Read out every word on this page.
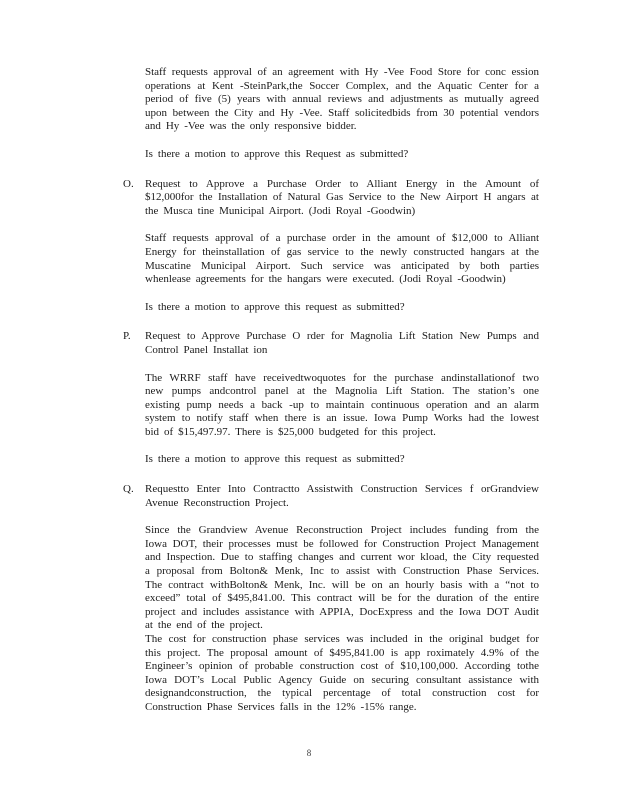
Staff requests approval of an agreement with Hy -Vee Food Store for conc ession operations at Kent -SteinPark,the Soccer Complex, and the Aquatic Center for a period of five (5) years with annual reviews and adjustments as mutually agreed upon between the City and Hy -Vee. Staff solicitedbids from 30 potential vendors and Hy -Vee was the only responsive bidder.

Is there a motion to approve this Request as submitted?

O. Request to Approve a Purchase Order to Alliant Energy in the Amount of $12,000for the Installation of Natural Gas Service to the New Airport H angars at the Musca tine Municipal Airport. (Jodi Royal -Goodwin)

Staff requests approval of a purchase order in the amount of $12,000 to Alliant Energy for theinstallation of gas service to the newly constructed hangars at the Muscatine Municipal Airport. Such service was anticipated by both parties whenlease agreements for the hangars were executed. (Jodi Royal -Goodwin)

Is there a motion to approve this request as submitted?

P. Request to Approve Purchase O rder for Magnolia Lift Station New Pumps and Control Panel Installat ion

The WRRF staff have receivedtwoquotes for the purchase andinstallationof two new pumps andcontrol panel at the Magnolia Lift Station. The station’s one existing pump needs a back -up to maintain continuous operation and an alarm system to notify staff when there is an issue. Iowa Pump Works had the lowest bid of $15,497.97. There is $25,000 budgeted for this project.

Is there a motion to approve this request as submitted?

Q. Requestto Enter Into Contractto Assistwith Construction Services f orGrandview Avenue Reconstruction Project.

Since the Grandview Avenue Reconstruction Project includes funding from the Iowa DOT, their processes must be followed for Construction Project Management and Inspection. Due to staffing changes and current wor kload, the City requested a proposal from Bolton& Menk, Inc to assist with Construction Phase Services. The contract withBolton& Menk, Inc. will be on an hourly basis with a “not to exceed” total of $495,841.00. This contract will be for the duration of the entire project and includes assistance with APPIA, DocExpress and the Iowa DOT Audit at the end of the project.

The cost for construction phase services was included in the original budget for this project. The proposal amount of $495,841.00 is app roximately 4.9% of the Engineer’s opinion of probable construction cost of $10,100,000. According tothe Iowa DOT’s Local Public Agency Guide on securing consultant assistance with designandconstruction, the typical percentage of total construction cost for Construction Phase Services falls in the 12% -15% range.

8
